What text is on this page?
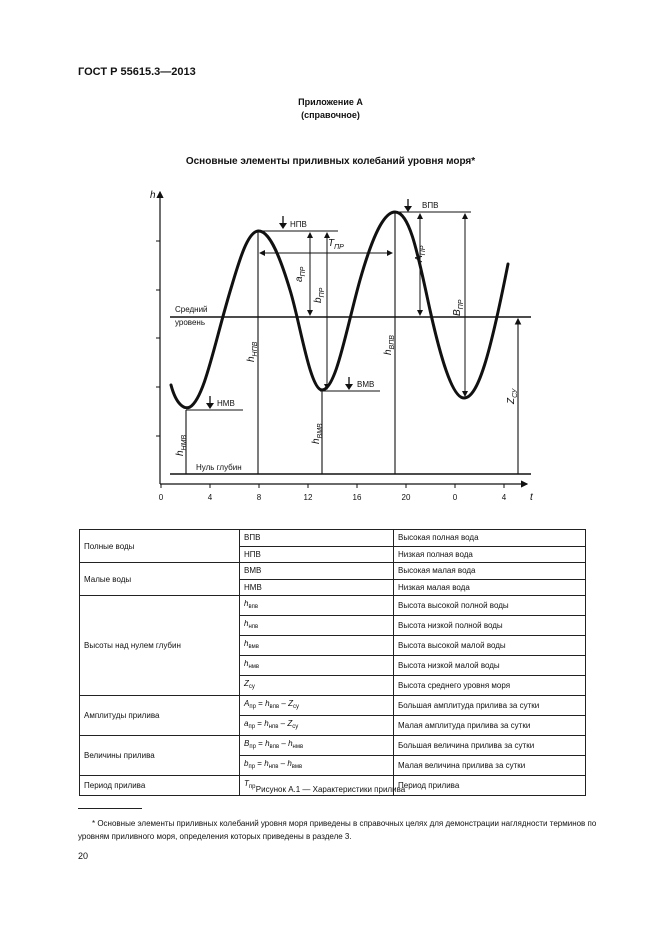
ГОСТ Р 55615.3—2013
Приложение А
(справочное)
Основные элементы приливных колебаний уровня моря*
h
t
0	4	8	12	16	20	0	4
Средний
уровень
Нуль глубин
НПВ
ВПВ
ВМВ
НМВ
$T_{ПР}$
$a_{ПР}$
$b_{ПР}$
$A_{ПР}$
$B_{ПР}$
$Z_{СУ}$
$h_{НМВ}$
$h_{НПВ}$
$h_{ВМВ}$
$h_{ВПВ}$
Полные воды	ВПВ	Высокая полная вода
	НПВ	Низкая полная вода
Малые воды	ВМВ	Высокая малая вода
	НМВ	Низкая малая вода
Высоты над нулем глубин	$h_{впв}$	Высота высокой полной воды
	$h_{нпв}$	Высота низкой полной воды
	$h_{вмв}$	Высота высокой малой воды
	$h_{нмв}$	Высота низкой малой воды
	$Z_{су}$	Высота среднего уровня моря
Амплитуды прилива	$A_{пр} = h_{впв} - Z_{су}$	Большая амплитуда прилива за сутки
	$a_{пр} = h_{нпв} - Z_{су}$	Малая амплитуда прилива за сутки
Величины прилива	$B_{пр} = h_{впв} - h_{нмв}$	Большая величина прилива за сутки
	$b_{пр} = h_{нпв} - h_{вмв}$	Малая величина прилива за сутки
Период прилива	$T_{пр}$	Период прилива
Рисунок А.1 — Характеристики прилива
* Основные элементы приливных колебаний уровня моря приведены в справочных целях для демонстрации наглядности терминов по уровням приливного моря, определения которых приведены в разделе 3.
20
